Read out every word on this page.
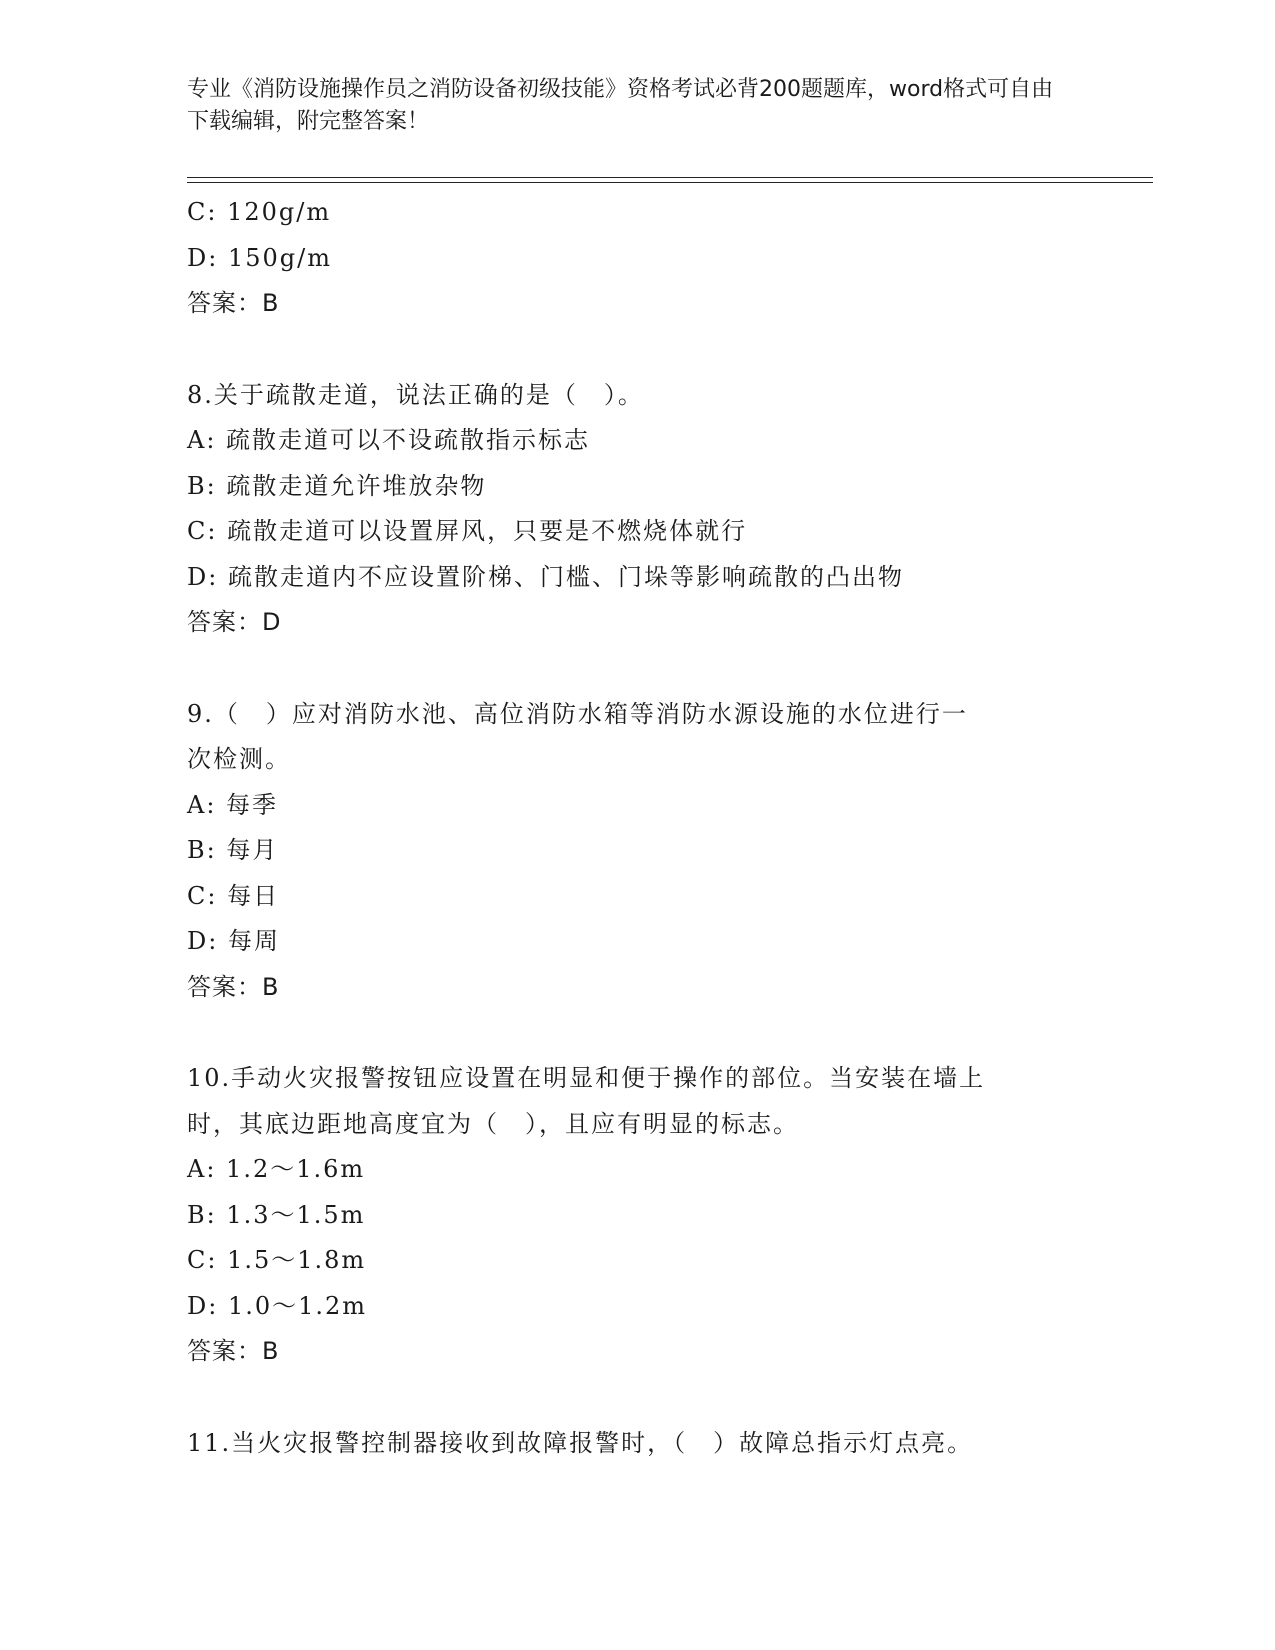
专业《消防设施操作员之消防设备初级技能》资格考试必背200题题库，word格式可自由下载编辑，附完整答案！
C: 120g/m
D: 150g/m
答案：B
8.关于疏散走道，说法正确的是（　）。
A: 疏散走道可以不设疏散指示标志
B: 疏散走道允许堆放杂物
C: 疏散走道可以设置屏风，只要是不燃烧体就行
D: 疏散走道内不应设置阶梯、门槛、门垛等影响疏散的凸出物
答案：D
9.（　）应对消防水池、高位消防水箱等消防水源设施的水位进行一
次检测。
A: 每季
B: 每月
C: 每日
D: 每周
答案：B
10.手动火灾报警按钮应设置在明显和便于操作的部位。当安装在墙上
时，其底边距地高度宜为（　），且应有明显的标志。
A: 1.2～1.6m
B: 1.3～1.5m
C: 1.5～1.8m
D: 1.0～1.2m
答案：B
11.当火灾报警控制器接收到故障报警时，（　）故障总指示灯点亮。
